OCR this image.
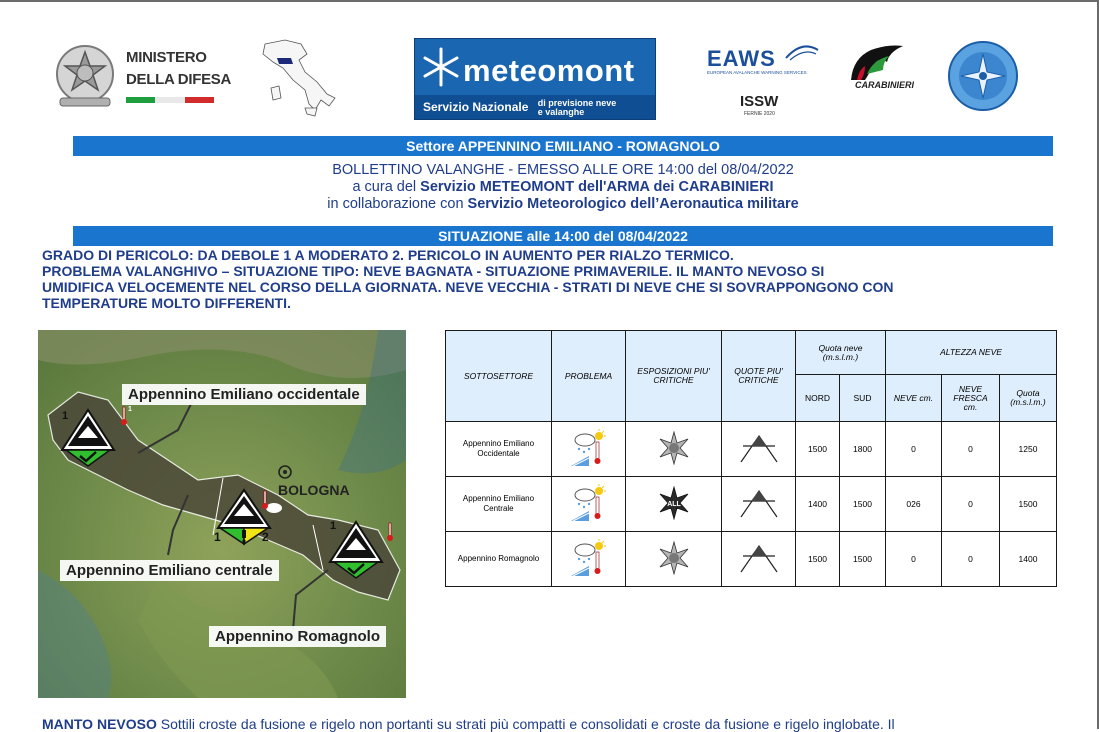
MINISTERO
DELLA DIFESA	meteomont
Servizio Nazionale di previsione neve
e valanghe
EAWS
EUROPEAN AVALANCHE WARNING SERVICES
ISSW
FERNIE 2020
CARABINIERI
Settore APPENNINO EMILIANO - ROMAGNOLO
BOLLETTINO VALANGHE - EMESSO ALLE ORE 14:00 del 08/04/2022
a cura del Servizio METEOMONT dell'ARMA dei CARABINIERI
in collaborazione con Servizio Meteorologico dell’Aeronautica militare
SITUAZIONE alle 14:00 del 08/04/2022
GRADO DI PERICOLO: DA DEBOLE 1 A MODERATO 2. PERICOLO IN AUMENTO PER RIALZO TERMICO.
PROBLEMA VALANGHIVO – SITUAZIONE TIPO: NEVE BAGNATA - SITUAZIONE PRIMAVERILE. IL MANTO NEVOSO SI
UMIDIFICA VELOCEMENTE NEL CORSO DELLA GIORNATA. NEVE VECCHIA - STRATI DI NEVE CHE SI SOVRAPPONGONO CON
TEMPERATURE MOLTO DIFFERENTI.
Appennino Emiliano occidentale
Appennino Emiliano centrale
Appennino Romagnolo
BOLOGNA
1
1
1	2
1
SOTTOSETTORE	PROBLEMA	ESPOSIZIONI PIU' CRITICHE	QUOTE PIU' CRITICHE	Quota neve
(m.s.l.m.)		ALTEZZA NEVE		
				NORD	SUD	NEVE cm.	NEVE FRESCA
cm.	Quota
(m.s.l.m.)
Appennino Emiliano
Occidentale				1500	1800	0	0	1250
Appennino Emiliano
Centrale		ALL		1400	1500	026	0	1500
Appennino Romagnolo				1500	1500	0	0	1400
MANTO NEVOSO Sottili croste da fusione e rigelo non portanti su strati più compatti e consolidati e croste da fusione e rigelo inglobate. Il
